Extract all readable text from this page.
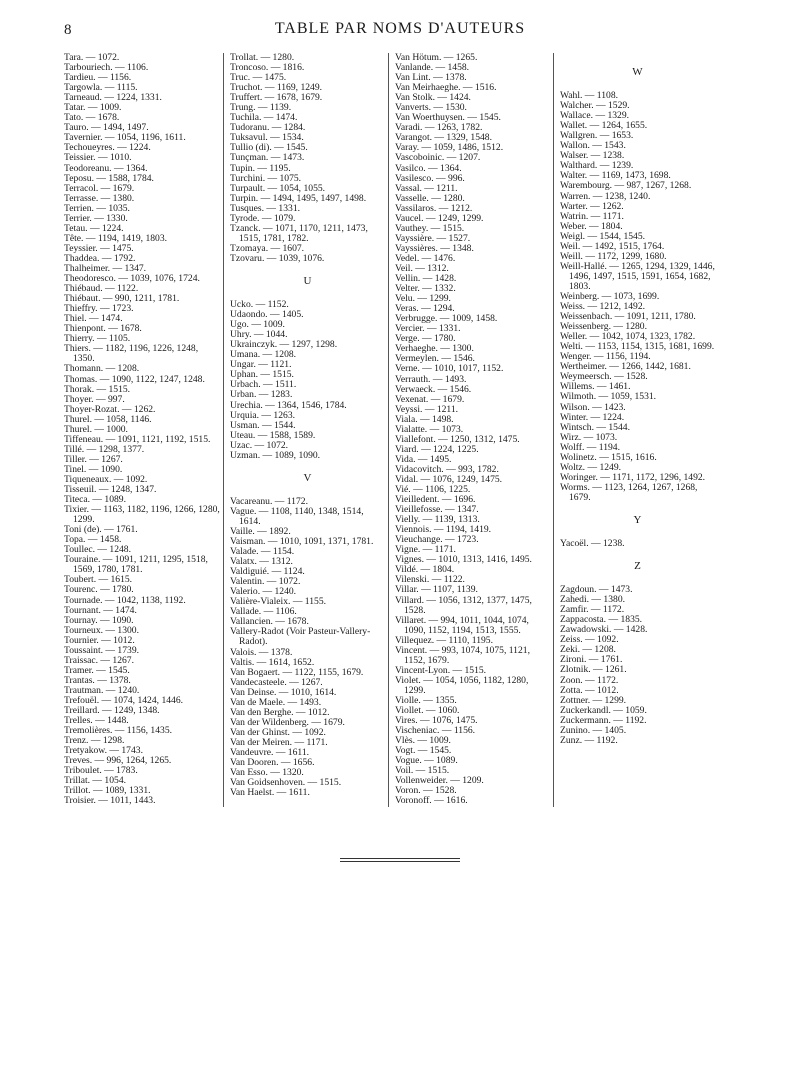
8	TABLE PAR NOMS D'AUTEURS
Tara. — 1072.
Tarbouriech. — 1106.
Tardieu. — 1156.
Targowla. — 1115.
Tarneaud. — 1224, 1331.
Tatar. — 1009.
Tato. — 1678.
Tauro. — 1494, 1497.
Tavernier. — 1054, 1196, 1611.
Techoueyres. — 1224.
Teissier. — 1010.
Teodoreanu. — 1364.
Teposu. — 1588, 1784.
Terracol. — 1679.
Terrasse. — 1380.
Terrien. — 1035.
Terrier. — 1330.
Tetau. — 1224.
Tête. — 1194, 1419, 1803.
Teyssier. — 1475.
Thaddea. — 1792.
Thalheimer. — 1347.
Theodoresco. — 1039, 1076, 1724.
Thiébaud. — 1122.
Thiébaut. — 990, 1211, 1781.
Thieffry. — 1723.
Thiel. — 1474.
Thienpont. — 1678.
Thierry. — 1105.
Thiers. — 1182, 1196, 1226, 1248, 1350.
Thomann. — 1208.
Thomas. — 1090, 1122, 1247, 1248.
Thorak. — 1515.
Thoyer. — 997.
Thoyer-Rozat. — 1262.
Thurel. — 1058, 1146.
Thurel. — 1000.
Tiffeneau. — 1091, 1121, 1192, 1515.
Tillé. — 1298, 1377.
Tiller. — 1267.
Tinel. — 1090.
Tiqueneaux. — 1092.
Tisseuil. — 1248, 1347.
Titeca. — 1089.
Tixier. — 1163, 1182, 1196, 1266, 1280, 1299.
Toni (de). — 1761.
Topa. — 1458.
Toullec. — 1248.
Touraine. — 1091, 1211, 1295, 1518, 1569, 1780, 1781.
Toubert. — 1615.
Tourenc. — 1780.
Tournade. — 1042, 1138, 1192.
Tournant. — 1474.
Tournay. — 1090.
Tourneux. — 1300.
Tournier. — 1012.
Toussaint. — 1739.
Traissac. — 1267.
Tramer. — 1545.
Trantas. — 1378.
Trautman. — 1240.
Trefouël. — 1074, 1424, 1446.
Treillard. — 1249, 1348.
Trelles. — 1448.
Tremolières. — 1156, 1435.
Trenz. — 1298.
Tretyakow. — 1743.
Treves. — 996, 1264, 1265.
Triboulet. — 1783.
Trillat. — 1054.
Trillot. — 1089, 1331.
Troisier. — 1011, 1443.
Trollat. — 1280.
Troncoso. — 1816.
Truc. — 1475.
Truchot. — 1169, 1249.
Truffert. — 1678, 1679.
Trung. — 1139.
Tuchila. — 1474.
Tudoranu. — 1284.
Tuksavul. — 1534.
Tullio (di). — 1545.
Tunçman. — 1473.
Tupin. — 1195.
Turchini. — 1075.
Turpault. — 1054, 1055.
Turpin. — 1494, 1495, 1497, 1498.
Tusques. — 1331.
Tyrode. — 1079.
Tzanck. — 1071, 1170, 1211, 1473, 1515, 1781, 1782.
Tzomaya. — 1607.
Tzovaru. — 1039, 1076.
U
Ucko. — 1152.
Udaondo. — 1405.
Ugo. — 1009.
Uhry. — 1044.
Ukrainczyk. — 1297, 1298.
Umana. — 1208.
Ungar. — 1121.
Uphan. — 1515.
Urbach. — 1511.
Urban. — 1283.
Urechia. — 1364, 1546, 1784.
Urquia. — 1263.
Usman. — 1544.
Uteau. — 1588, 1589.
Uzac. — 1072.
Uzman. — 1089, 1090.
V
Vacareanu. — 1172.
Vague. — 1108, 1140, 1348, 1514, 1614.
Vaille. — 1892.
Vaisman. — 1010, 1091, 1371, 1781.
Valade. — 1154.
Valatx. — 1312.
Valdiguié. — 1124.
Valentin. — 1072.
Valerio. — 1240.
Valière-Vialeix. — 1155.
Vallade. — 1106.
Vallancien. — 1678.
Vallery-Radot (Voir Pasteur-Vallery-Radot).
Valois. — 1378.
Valtis. — 1614, 1652.
Van Bogaert. — 1122, 1155, 1679.
Vandecasteele. — 1267.
Van Deinse. — 1010, 1614.
Van de Maele. — 1493.
Van den Berghe. — 1012.
Van der Wildenberg. — 1679.
Van der Ghinst. — 1092.
Van der Meiren. — 1171.
Vandeuvre. — 1611.
Van Dooren. — 1656.
Van Esso. — 1320.
Van Goidsenhoven. — 1515.
Van Haelst. — 1611.
Van Hötum. — 1265.
Vanlande. — 1458.
Van Lint. — 1378.
Van Meirhaeghe. — 1516.
Van Stolk. — 1424.
Vanverts. — 1530.
Van Woerthuysen. — 1545.
Varadi. — 1263, 1782.
Varangot. — 1329, 1548.
Varay. — 1059, 1486, 1512.
Vascoboinic. — 1207.
Vasilco. — 1364.
Vasilesco. — 996.
Vassal. — 1211.
Vasselle. — 1280.
Vassilaros. — 1212.
Vaucel. — 1249, 1299.
Vauthey. — 1515.
Vayssière. — 1527.
Vayssières. — 1348.
Vedel. — 1476.
Veil. — 1312.
Vellin. — 1428.
Velter. — 1332.
Velu. — 1299.
Veras. — 1294.
Verbrugge. — 1009, 1458.
Vercier. — 1331.
Verge. — 1780.
Verhaeghe. — 1300.
Vermeylen. — 1546.
Verne. — 1010, 1017, 1152.
Verrauth. — 1493.
Verwaeck. — 1546.
Vexenat. — 1679.
Veyssi. — 1211.
Viala. — 1498.
Vialatte. — 1073.
Viallefont. — 1250, 1312, 1475.
Viard. — 1224, 1225.
Vida. — 1495.
Vidacovitch. — 993, 1782.
Vidal. — 1076, 1249, 1475.
Vié. — 1106, 1225.
Vieilledent. — 1696.
Vieillefosse. — 1347.
Vielly. — 1139, 1313.
Viennois. — 1194, 1419.
Vieuchange. — 1723.
Vigne. — 1171.
Vignes. — 1010, 1313, 1416, 1495.
Vildé. — 1804.
Vilenski. — 1122.
Villar. — 1107, 1139.
Villard. — 1056, 1312, 1377, 1475, 1528.
Villaret. — 994, 1011, 1044, 1074, 1090, 1152, 1194, 1513, 1555.
Villequez. — 1110, 1195.
Vincent. — 993, 1074, 1075, 1121, 1152, 1679.
Vincent-Lyon. — 1515.
Violet. — 1054, 1056, 1182, 1280, 1299.
Violle. — 1355.
Viollet. — 1060.
Vires. — 1076, 1475.
Vischeniac. — 1156.
Vlès. — 1009.
Vogt. — 1545.
Vogue. — 1089.
Voil. — 1515.
Vollenweider. — 1209.
Voron. — 1528.
Voronoff. — 1616.
W
Wahl. — 1108.
Walcher. — 1529.
Wallace. — 1329.
Wallet. — 1264, 1655.
Wallgren. — 1653.
Wallon. — 1543.
Walser. — 1238.
Walthard. — 1239.
Walter. — 1169, 1473, 1698.
Warembourg. — 987, 1267, 1268.
Warren. — 1238, 1240.
Warter. — 1262.
Watrin. — 1171.
Weber. — 1804.
Weigl. — 1544, 1545.
Weil. — 1492, 1515, 1764.
Weill. — 1172, 1299, 1680.
Weill-Hallé. — 1265, 1294, 1329, 1446, 1496, 1497, 1515, 1591, 1654, 1682, 1803.
Weinberg. — 1073, 1699.
Weiss. — 1212, 1492.
Weissenbach. — 1091, 1211, 1780.
Weissenberg. — 1280.
Weller. — 1042, 1074, 1323, 1782.
Welti. — 1153, 1154, 1315, 1681, 1699.
Wenger. — 1156, 1194.
Wertheimer. — 1266, 1442, 1681.
Weymeersch. — 1528.
Willems. — 1461.
Wilmoth. — 1059, 1531.
Wilson. — 1423.
Winter. — 1224.
Wintsch. — 1544.
Wirz. — 1073.
Wolff. — 1194.
Wolinetz. — 1515, 1616.
Woltz. — 1249.
Woringer. — 1171, 1172, 1296, 1492.
Worms. — 1123, 1264, 1267, 1268, 1679.
Y
Yacoël. — 1238.
Z
Zagdoun. — 1473.
Zahedi. — 1380.
Zamfir. — 1172.
Zappacosta. — 1835.
Zawadowski. — 1428.
Zeiss. — 1092.
Zeki. — 1208.
Zironi. — 1761.
Zlotnik. — 1261.
Zoon. — 1172.
Zotta. — 1012.
Zottner. — 1299.
Zuckerkandl. — 1059.
Zuckermann. — 1192.
Zunino. — 1405.
Zunz. — 1192.
